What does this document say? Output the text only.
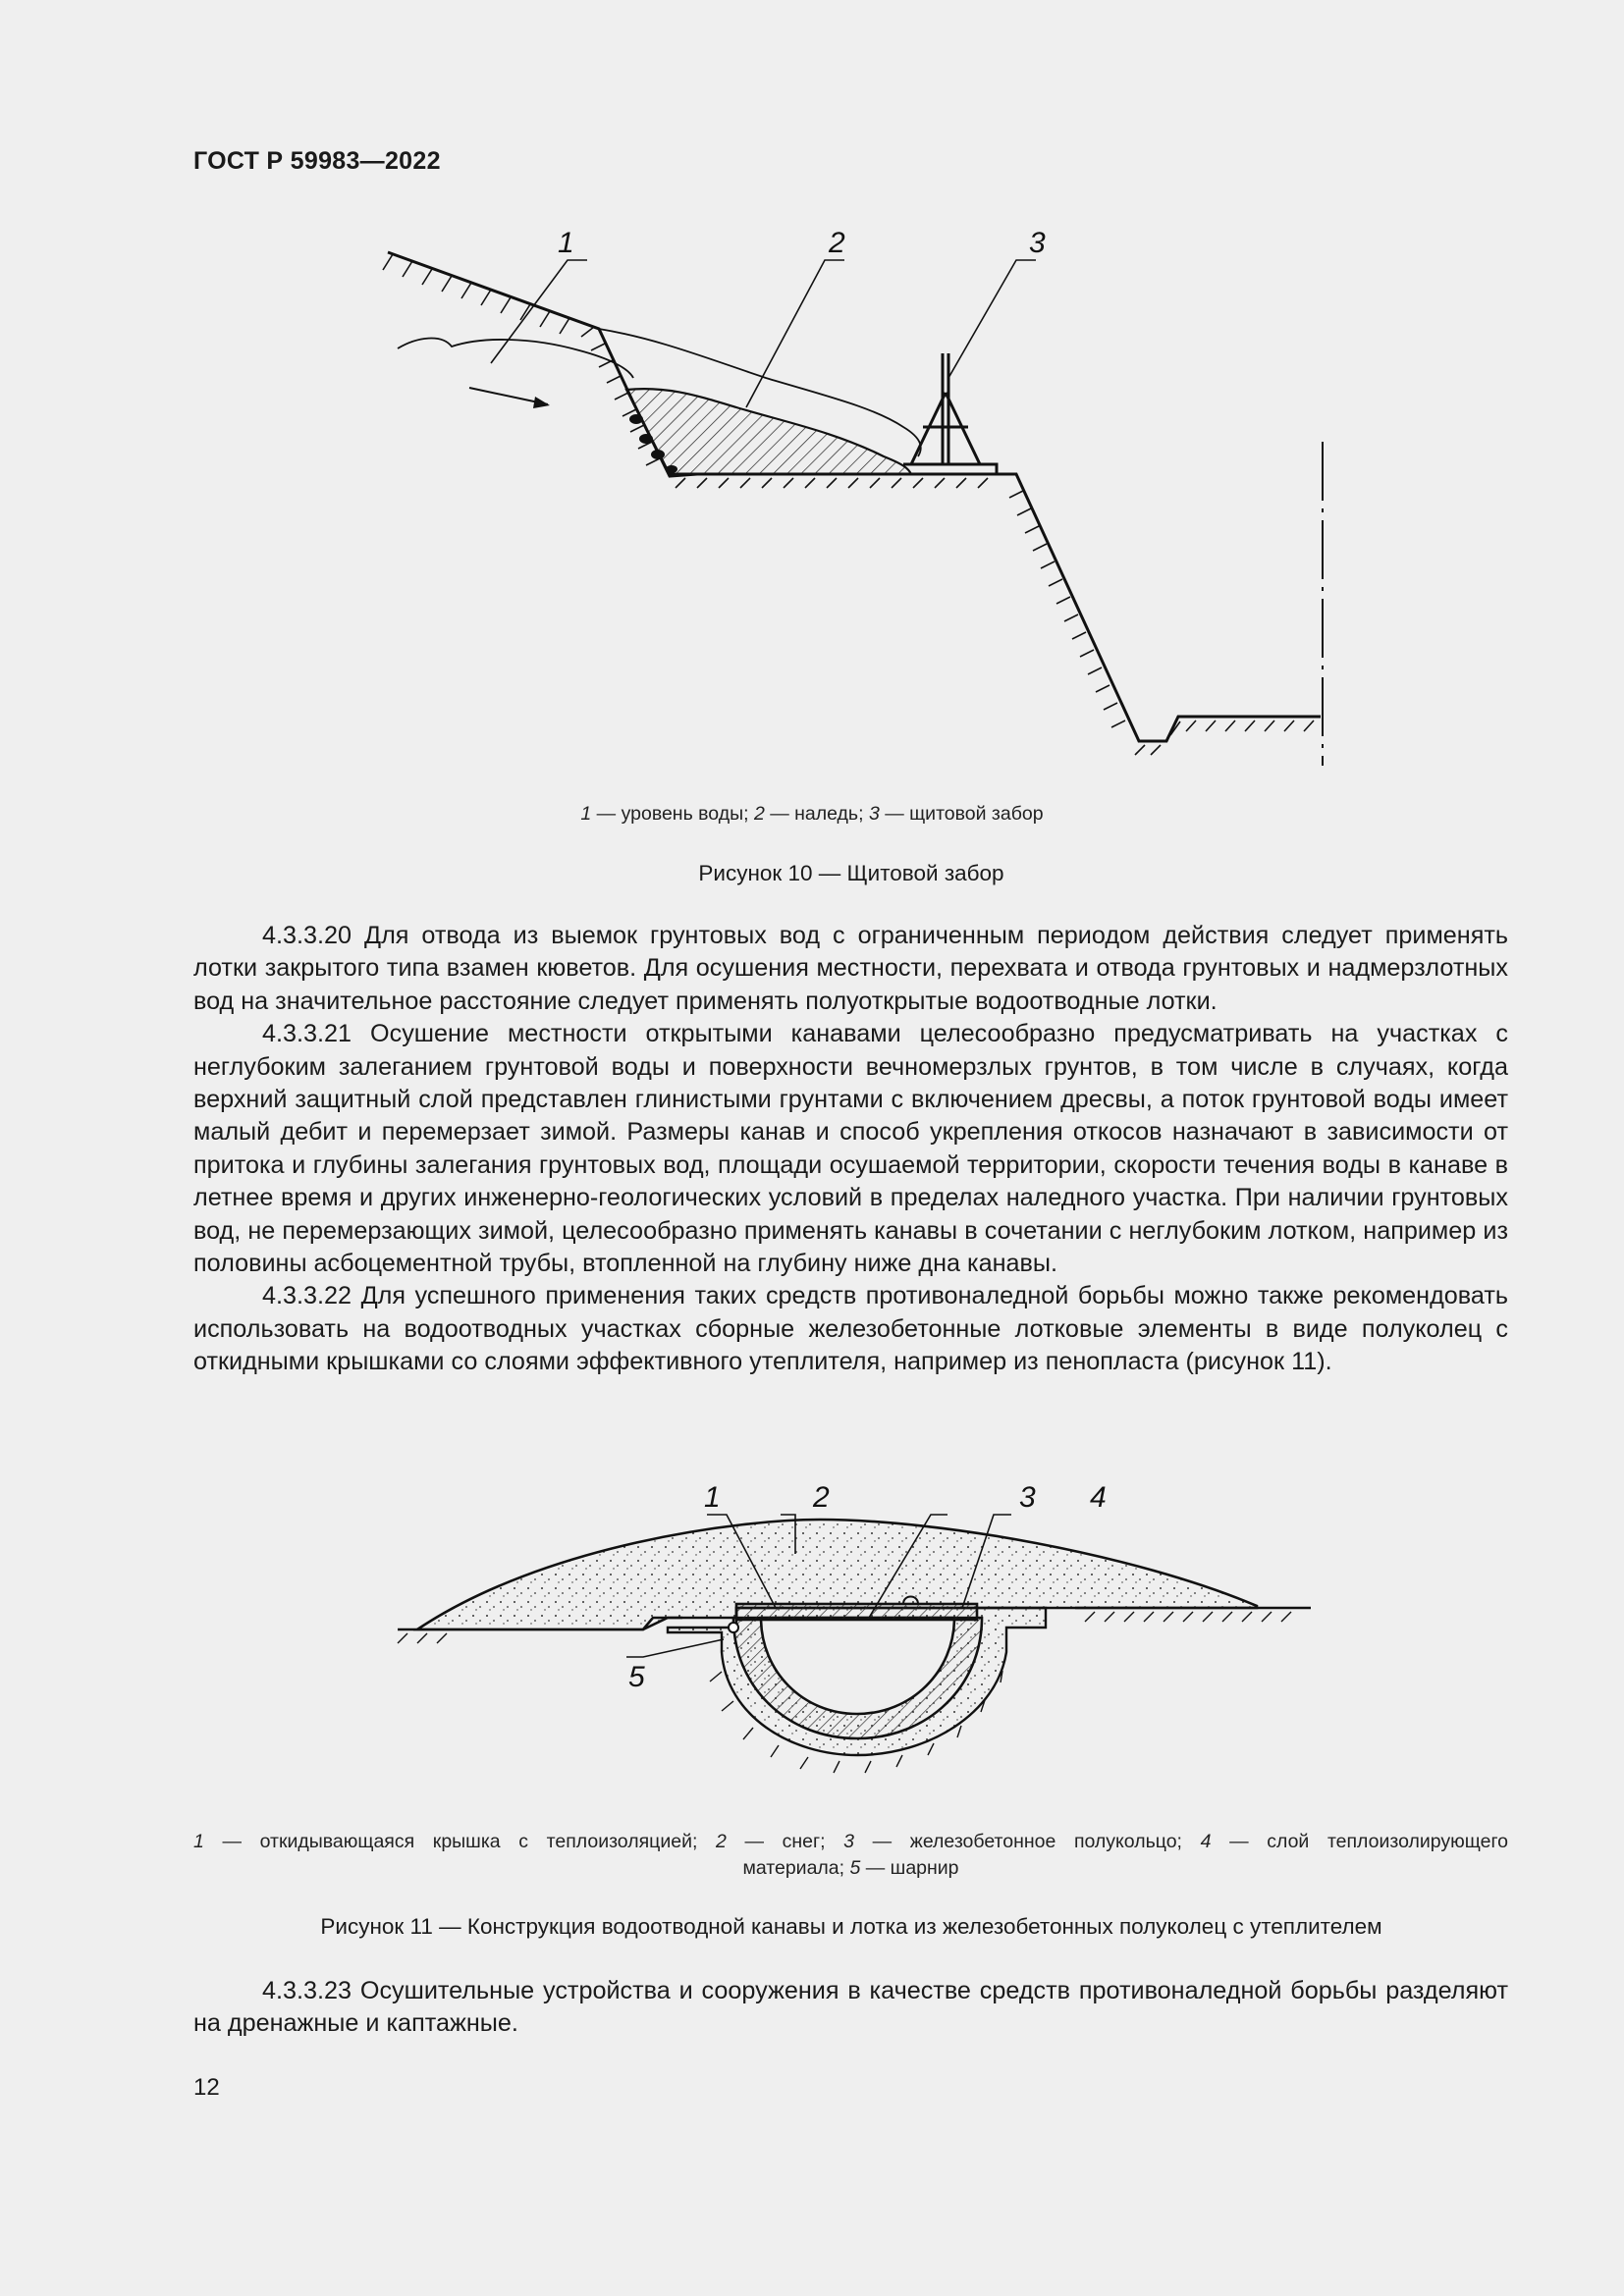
ГОСТ Р 59983—2022
1	2	3
1 — уровень воды; 2 — наледь; 3 — щитовой забор
Рисунок 10 — Щитовой забор

4.3.3.20 Для отвода из выемок грунтовых вод с ограниченным периодом действия следует применять лотки закрытого типа взамен кюветов. Для осушения местности, перехвата и отвода грунтовых и надмерзлотных вод на значительное расстояние следует применять полуоткрытые водоотводные лотки.

4.3.3.21 Осушение местности открытыми канавами целесообразно предусматривать на участках с неглубоким залеганием грунтовой воды и поверхности вечномерзлых грунтов, в том числе в случаях, когда верхний защитный слой представлен глинистыми грунтами с включением дресвы, а поток грунтовой воды имеет малый дебит и перемерзает зимой. Размеры канав и способ укрепления откосов назначают в зависимости от притока и глубины залегания грунтовых вод, площади осушаемой территории, скорости течения воды в канаве в летнее время и других инженерно-геологических условий в пределах наледного участка. При наличии грунтовых вод, не перемерзающих зимой, целесообразно применять канавы в сочетании с неглубоким лотком, например из половины асбоцементной трубы, втопленной на глубину ниже дна канавы.

4.3.3.22 Для успешного применения таких средств противоналедной борьбы можно также рекомендовать использовать на водоотводных участках сборные железобетонные лотковые элементы в виде полуколец с откидными крышками со слоями эффективного утеплителя, например из пенопласта (рисунок 11).

1	2	3 4
5
1 — откидывающаяся крышка с теплоизоляцией; 2 — снег; 3 — железобетонное полукольцо; 4 — слой теплоизолирующего
материала; 5 — шарнир
Рисунок 11 — Конструкция водоотводной канавы и лотка из железобетонных полуколец с утеплителем

4.3.3.23 Осушительные устройства и сооружения в качестве средств противоналедной борьбы разделяют на дренажные и каптажные.

12
